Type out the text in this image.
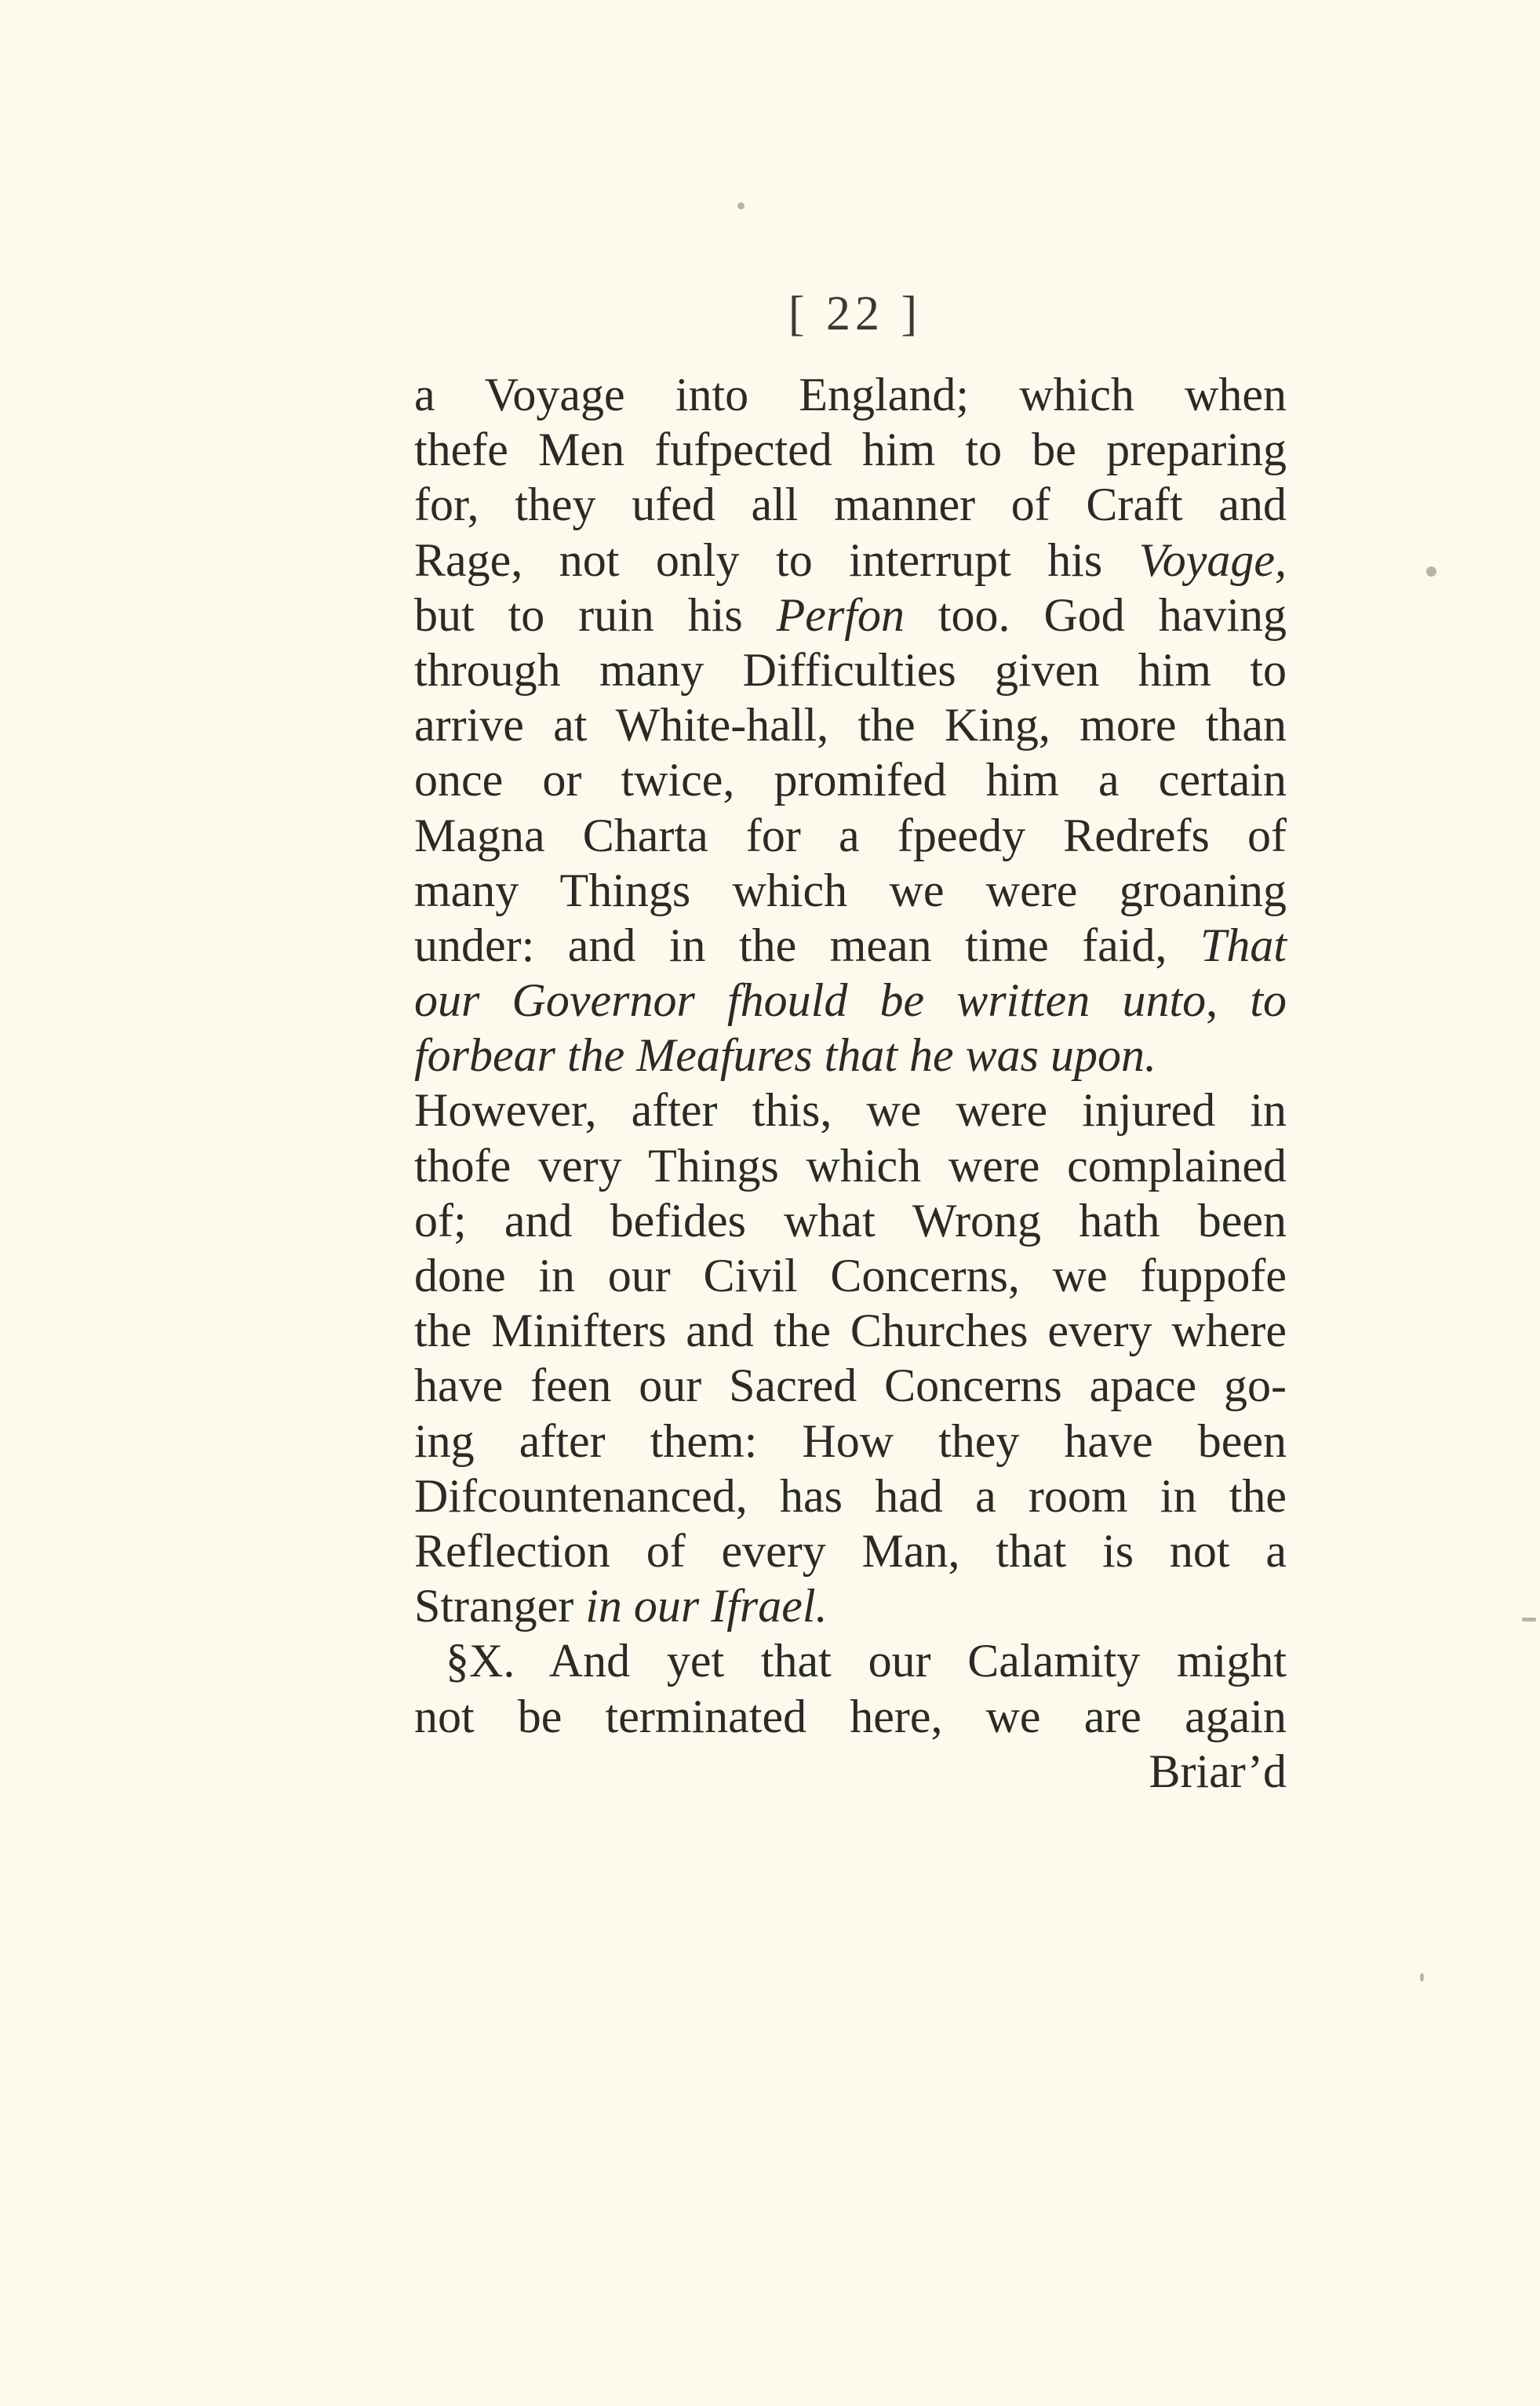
[ 22 ]
a Voyage into England; which when
thefe Men fufpected him to be preparing
for, they ufed all manner of Craft and
Rage, not only to interrupt his Voyage,
but to ruin his Perfon too. God having
through many Difficulties given him to
arrive at White-hall, the King, more than
once or twice, promifed him a certain
Magna Charta for a fpeedy Redrefs of
many Things which we were groaning
under: and in the mean time faid, That
our Governor fhould be written unto, to
forbear the Meafures that he was upon.
However, after this, we were injured in
thofe very Things which were complained
of; and befides what Wrong hath been
done in our Civil Concerns, we fuppofe
the Minifters and the Churches every where
have feen our Sacred Concerns apace go-
ing after them: How they have been
Difcountenanced, has had a room in the
Reflection of every Man, that is not a
Stranger in our Ifrael.
§X. And yet that our Calamity might
not be terminated here, we are again
Briar’d
